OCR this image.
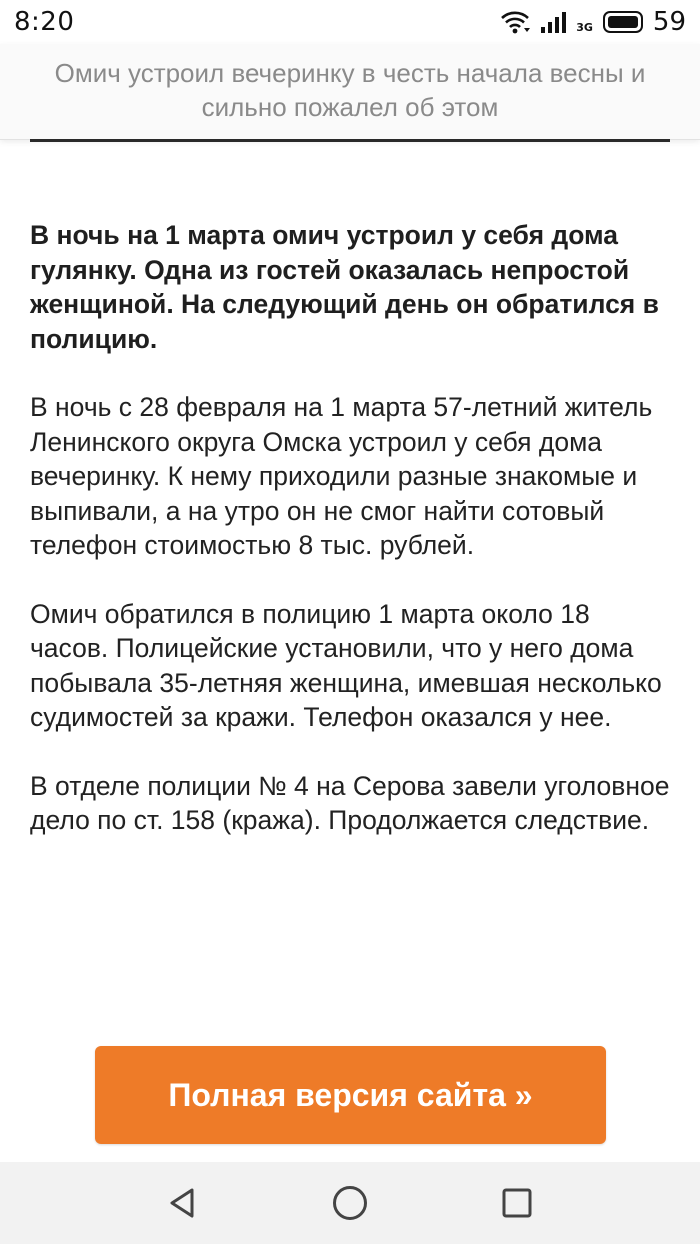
8:20	3G 59
Омич устроил вечеринку в честь начала весны и сильно пожалел об этом

В ночь на 1 марта омич устроил у себя дома гулянку. Одна из гостей оказалась непростой женщиной. На следующий день он обратился в полицию.

В ночь с 28 февраля на 1 марта 57-летний житель Ленинского округа Омска устроил у себя дома вечеринку. К нему приходили разные знакомые и выпивали, а на утро он не смог найти сотовый телефон стоимостью 8 тыс. рублей.

Омич обратился в полицию 1 марта около 18 часов. Полицейские установили, что у него дома побывала 35-летняя женщина, имевшая несколько судимостей за кражи. Телефон оказался у нее.

В отделе полиции № 4 на Серова завели уголовное дело по ст. 158 (кража). Продолжается следствие.

Полная версия сайта »
